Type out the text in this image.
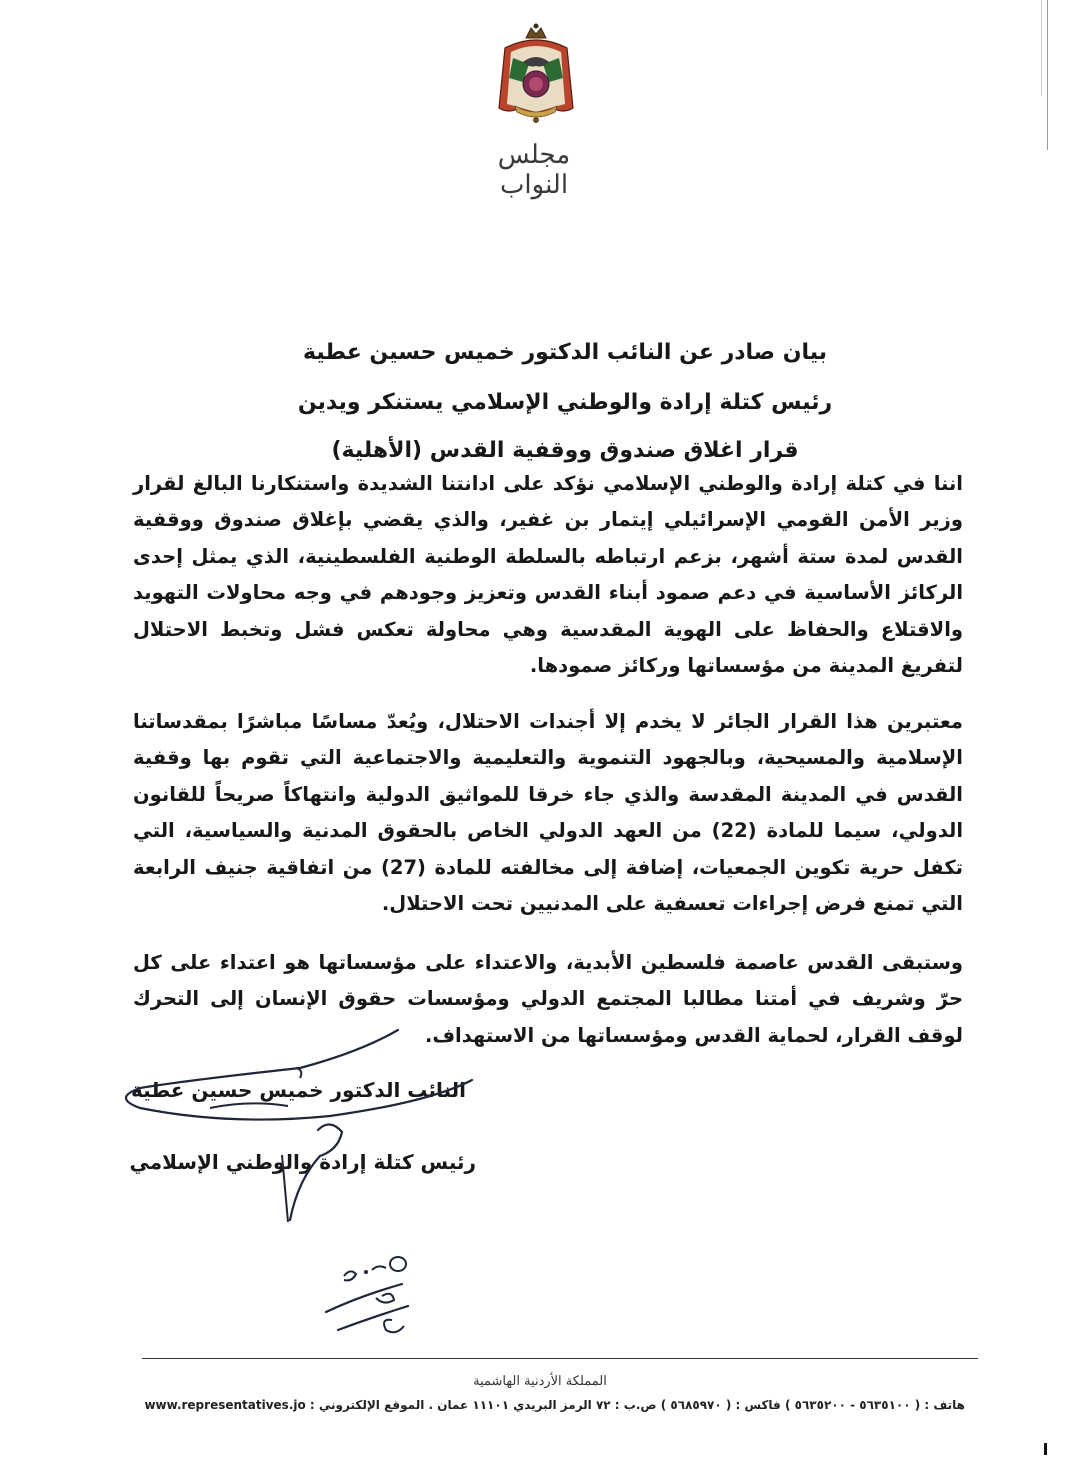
مجلس النواب
بيان صادر عن النائب الدكتور خميس حسين عطية
رئيس كتلة إرادة والوطني الإسلامي يستنكر ويدين
قرار اغلاق صندوق ووقفية القدس (الأهلية)

اننا في كتلة إرادة والوطني الإسلامي نؤكد على ادانتنا الشديدة واستنكارنا البالغ لقرار وزير الأمن القومي الإسرائيلي إيتمار بن غفير، والذي يقضي بإغلاق صندوق ووقفية القدس لمدة ستة أشهر، بزعم ارتباطه بالسلطة الوطنية الفلسطينية، الذي يمثل إحدى الركائز الأساسية في دعم صمود أبناء القدس وتعزيز وجودهم في وجه محاولات التهويد والاقتلاع والحفاظ على الهوية المقدسية وهي محاولة تعكس فشل وتخبط الاحتلال لتفريغ المدينة من مؤسساتها وركائز صمودها.

معتبرين هذا القرار الجائر لا يخدم إلا أجندات الاحتلال، ويُعدّ مساسًا مباشرًا بمقدساتنا الإسلامية والمسيحية، وبالجهود التنموية والتعليمية والاجتماعية التي تقوم بها وقفية القدس في المدينة المقدسة والذي جاء خرقا للمواثيق الدولية وانتهاكاً صريحاً للقانون الدولي، سيما للمادة (22) من العهد الدولي الخاص بالحقوق المدنية والسياسية، التي تكفل حرية تكوين الجمعيات، إضافة إلى مخالفته للمادة (27) من اتفاقية جنيف الرابعة التي تمنع فرض إجراءات تعسفية على المدنيين تحت الاحتلال.

وستبقى القدس عاصمة فلسطين الأبدية، والاعتداء على مؤسساتها هو اعتداء على كل حرّ وشريف في أمتنا مطالبا المجتمع الدولي ومؤسسات حقوق الإنسان إلى التحرك لوقف القرار، لحماية القدس ومؤسساتها من الاستهداف.

النائب الدكتور خميس حسين عطية
رئيس كتلة إرادة والوطني الإسلامي
المملكة الأردنية الهاشمية
هاتف : ( ٥٦٣٥١٠٠ - ٥٦٣٥٢٠٠ ) فاكس : ( ٥٦٨٥٩٧٠ ) ص.ب : ٧٢ الرمز البريدي ١١١٠١ عمان . الموقع الإلكتروني : www.representatives.jo
